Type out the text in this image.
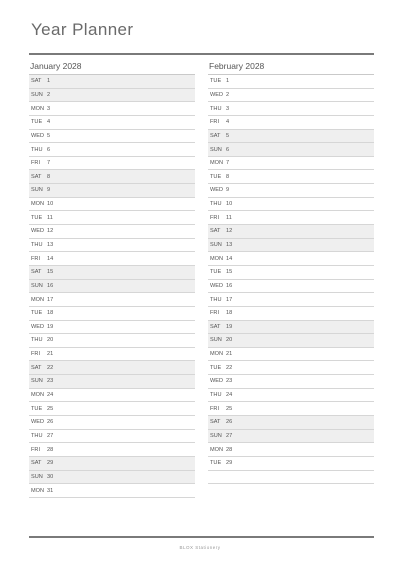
Year Planner
January 2028
SAT 1
SUN 2
MON 3
TUE 4
WED 5
THU 6
FRI	7
SAT 8
SUN 9
MON 10
TUE 11
WED 12
THU 13
FRI	14
SAT 15
SUN 16
MON 17
TUE 18
WED 19
THU 20
FRI	21
SAT 22
SUN 23
MON 24
TUE 25
WED 26
THU 27
FRI	28
SAT 29
SUN 30
MON 31
February 2028
TUE 1
WED 2
THU 3
FRI	4
SAT 5
SUN 6
MON 7
TUE 8
WED 9
THU 10
FRI	11
SAT 12
SUN 13
MON 14
TUE 15
WED 16
THU 17
FRI	18
SAT 19
SUN 20
MON 21
TUE 22
WED 23
THU 24
FRI	25
SAT 26
SUN 27
MON 28
TUE 29
BLOX Stationery
